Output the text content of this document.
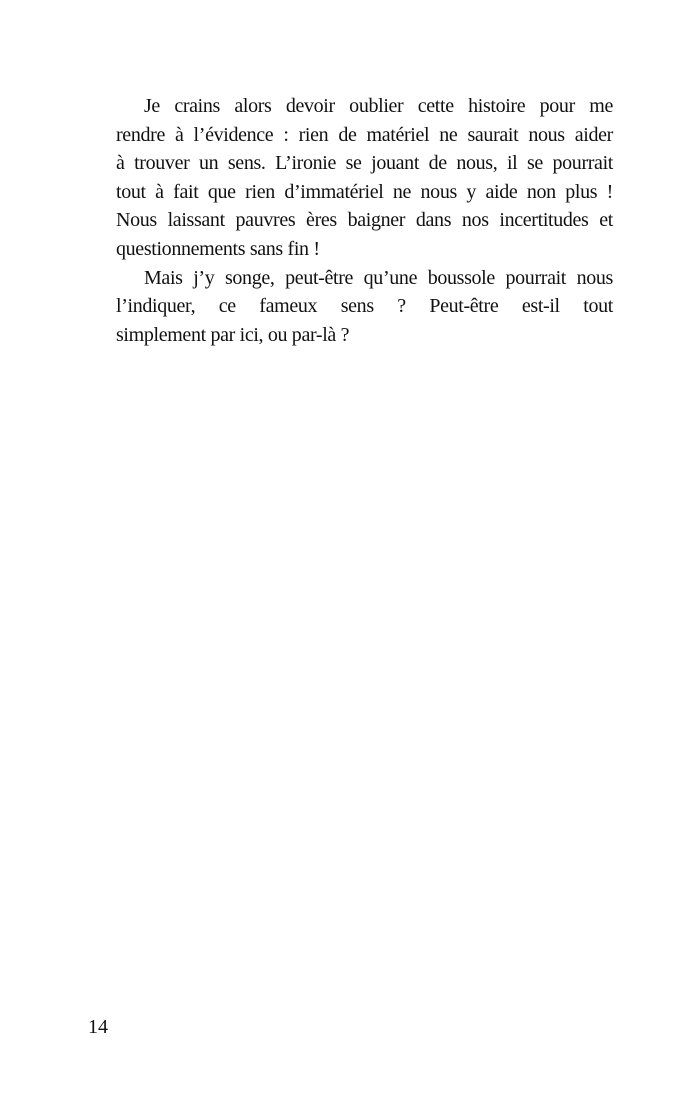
Je crains alors devoir oublier cette histoire pour me
rendre à l’évidence : rien de matériel ne saurait nous aider
à trouver un sens. L’ironie se jouant de nous, il se pourrait
tout à fait que rien d’immatériel ne nous y aide non plus !
Nous laissant pauvres ères baigner dans nos incertitudes et
questionnements sans fin !
Mais j’y songe, peut-être qu’une boussole pourrait nous
l’indiquer, ce fameux sens ? Peut-être est-il tout
simplement par ici, ou par-là ?
14
